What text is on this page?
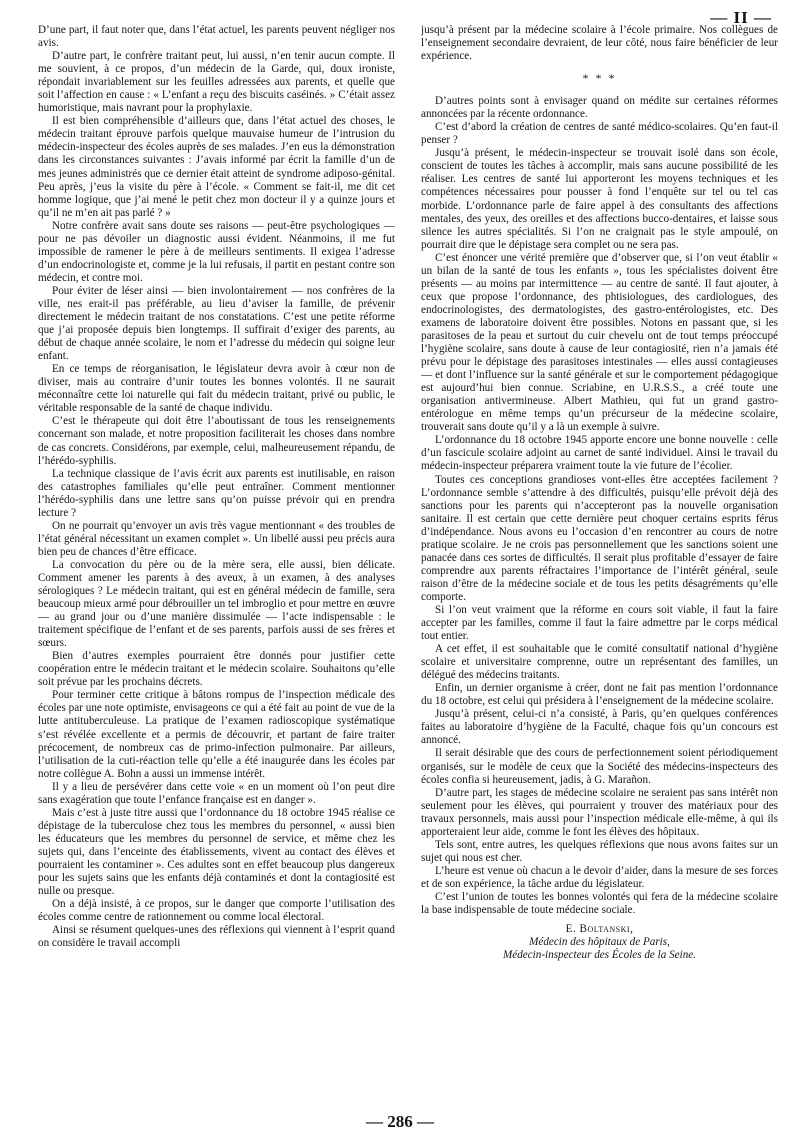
— II —

D’une part, il faut noter que, dans l’état actuel, les parents peuvent négliger nos avis.

D’autre part, le confrère traitant peut, lui aussi, n’en tenir aucun compte. Il me souvient, à ce propos, d’un médecin de la Garde, qui, doux ironiste, répondait invariablement sur les feuilles adressées aux parents, et quelle que soit l’affection en cause : « L’enfant a reçu des biscuits caséinés. » C’était assez humoristique, mais navrant pour la prophylaxie.

Il est bien compréhensible d’ailleurs que, dans l’état actuel des choses, le médecin traitant éprouve parfois quelque mauvaise humeur de l’intrusion du médecin-inspecteur des écoles auprès de ses malades. J’en eus la démonstration dans les circonstances suivantes : J’avais informé par écrit la famille d’un de mes jeunes administrés que ce dernier était atteint de syndrome adiposo-génital. Peu après, j’eus la visite du père à l’école. « Comment se fait-il, me dit cet homme logique, que j’ai mené le petit chez mon docteur il y a quinze jours et qu’il ne m’en ait pas parlé ? »

Notre confrère avait sans doute ses raisons — peut-être psychologiques — pour ne pas dévoiler un diagnostic aussi évident. Néanmoins, il me fut impossible de ramener le père à de meilleurs sentiments. Il exigea l’adresse d’un endocrinologiste et, comme je la lui refusais, il partit en pestant contre son médecin, et contre moi.

Pour éviter de léser ainsi — bien involontairement — nos confrères de la ville, nes erait-il pas préférable, au lieu d’aviser la famille, de prévenir directement le médecin traitant de nos constatations. C’est une petite réforme que j’ai proposée depuis bien longtemps. Il suffirait d’exiger des parents, au début de chaque année scolaire, le nom et l’adresse du médecin qui soigne leur enfant.

En ce temps de réorganisation, le législateur devra avoir à cœur non de diviser, mais au contraire d’unir toutes les bonnes volontés. Il ne saurait méconnaître cette loi naturelle qui fait du médecin traitant, privé ou public, le véritable responsable de la santé de chaque individu.

C’est le thérapeute qui doit être l’aboutissant de tous les renseignements concernant son malade, et notre proposition faciliterait les choses dans nombre de cas concrets. Considérons, par exemple, celui, malheureusement répandu, de l’hérédo-syphilis.

La technique classique de l’avis écrit aux parents est inutilisable, en raison des catastrophes familiales qu’elle peut entraîner. Comment mentionner l’hérédo-syphilis dans une lettre sans qu’on puisse prévoir qui en prendra lecture ?

On ne pourrait qu’envoyer un avis très vague mentionnant « des troubles de l’état général nécessitant un examen complet ». Un libellé aussi peu précis aura bien peu de chances d’être efficace.

La convocation du père ou de la mère sera, elle aussi, bien délicate. Comment amener les parents à des aveux, à un examen, à des analyses sérologiques ? Le médecin traitant, qui est en général médecin de famille, sera beaucoup mieux armé pour débrouiller un tel imbroglio et pour mettre en œuvre — au grand jour ou d’une manière dissimulée — l’acte indispensable : le traitement spécifique de l’enfant et de ses parents, parfois aussi de ses frères et sœurs.

Bien d’autres exemples pourraient être donnés pour justifier cette coopération entre le médecin traitant et le médecin scolaire. Souhaitons qu’elle soit prévue par les prochains décrets.

Pour terminer cette critique à bâtons rompus de l’inspection médicale des écoles par une note optimiste, envisageons ce qui a été fait au point de vue de la lutte antituberculeuse. La pratique de l’examen radioscopique systématique s’est révélée excellente et a permis de découvrir, et partant de faire traiter précocement, de nombreux cas de primo-infection pulmonaire. Par ailleurs, l’utilisation de la cuti-réaction telle qu’elle a été inaugurée dans les écoles par notre collègue A. Bohn a aussi un immense intérêt.

Il y a lieu de persévérer dans cette voie « en un moment où l’on peut dire sans exagération que toute l’enfance française est en danger ».

Mais c’est à juste titre aussi que l’ordonnance du 18 octobre 1945 réalise ce dépistage de la tuberculose chez tous les membres du personnel, « aussi bien les éducateurs que les membres du personnel de service, et même chez les sujets qui, dans l’enceinte des établissements, vivent au contact des élèves et pourraient les contaminer ». Ces adultes sont en effet beaucoup plus dangereux pour les sujets sains que les enfants déjà contaminés et dont la contagiosité est nulle ou presque.

On a déjà insisté, à ce propos, sur le danger que comporte l’utilisation des écoles comme centre de rationnement ou comme local électoral.

Ainsi se résument quelques-unes des réflexions qui viennent à l’esprit quand on considère le travail accompli

jusqu’à présent par la médecine scolaire à l’école primaire. Nos collègues de l’enseignement secondaire devraient, de leur côté, nous faire bénéficier de leur expérience.

* * *

D’autres points sont à envisager quand on médite sur certaines réformes annoncées par la récente ordonnance.

C’est d’abord la création de centres de santé médico-scolaires. Qu’en faut-il penser ?

Jusqu’à présent, le médecin-inspecteur se trouvait isolé dans son école, conscient de toutes les tâches à accomplir, mais sans aucune possibilité de les réaliser. Les centres de santé lui apporteront les moyens techniques et les compétences nécessaires pour pousser à fond l’enquête sur tel ou tel cas morbide. L’ordonnance parle de faire appel à des consultants des affections mentales, des yeux, des oreilles et des affections bucco-dentaires, et laisse sous silence les autres spécialités. Si l’on ne craignait pas le style ampoulé, on pourrait dire que le dépistage sera complet ou ne sera pas.

C’est énoncer une vérité première que d’observer que, si l’on veut établir « un bilan de la santé de tous les enfants », tous les spécialistes doivent être présents — au moins par intermittence — au centre de santé. Il faut ajouter, à ceux que propose l’ordonnance, des phtisiologues, des cardiologues, des endocrinologistes, des dermatologistes, des gastro-entérologistes, etc. Des examens de laboratoire doivent être possibles. Notons en passant que, si les parasitoses de la peau et surtout du cuir chevelu ont de tout temps préoccupé l’hygiène scolaire, sans doute à cause de leur contagiosité, rien n’a jamais été prévu pour le dépistage des parasitoses intestinales — elles aussi contagieuses — et dont l’influence sur la santé générale et sur le comportement pédagogique est aujourd’hui bien connue. Scriabine, en U.R.S.S., a créé toute une organisation antivermineuse. Albert Mathieu, qui fut un grand gastro-entérologue en même temps qu’un précurseur de la médecine scolaire, trouverait sans doute qu’il y a là un exemple à suivre.

L’ordonnance du 18 octobre 1945 apporte encore une bonne nouvelle : celle d’un fascicule scolaire adjoint au carnet de santé individuel. Ainsi le travail du médecin-inspecteur préparera vraiment toute la vie future de l’écolier.

Toutes ces conceptions grandioses vont-elles être acceptées facilement ? L’ordonnance semble s’attendre à des difficultés, puisqu’elle prévoit déjà des sanctions pour les parents qui n’accepteront pas la nouvelle organisation sanitaire. Il est certain que cette dernière peut choquer certains esprits férus d’indépendance. Nous avons eu l’occasion d’en rencontrer au cours de notre pratique scolaire. Je ne crois pas personnellement que les sanctions soient une panacée dans ces sortes de difficultés. Il serait plus profitable d’essayer de faire comprendre aux parents réfractaires l’importance de l’intérêt général, seule raison d’être de la médecine sociale et de tous les petits désagréments qu’elle comporte.

Si l’on veut vraiment que la réforme en cours soit viable, il faut la faire accepter par les familles, comme il faut la faire admettre par le corps médical tout entier.

A cet effet, il est souhaitable que le comité consultatif national d’hygiène scolaire et universitaire comprenne, outre un représentant des familles, un délégué des médecins traitants.

Enfin, un dernier organisme à créer, dont ne fait pas mention l’ordonnance du 18 octobre, est celui qui présidera à l’enseignement de la médecine scolaire.

Jusqu’à présent, celui-ci n’a consisté, à Paris, qu’en quelques conférences faites au laboratoire d’hygiène de la Faculté, chaque fois qu’un concours est annoncé.

Il serait désirable que des cours de perfectionnement soient périodiquement organisés, sur le modèle de ceux que la Société des médecins-inspecteurs des écoles confia si heureusement, jadis, à G. Marañon.

D’autre part, les stages de médecine scolaire ne seraient pas sans intérêt non seulement pour les élèves, qui pourraient y trouver des matériaux pour des travaux personnels, mais aussi pour l’inspection médicale elle-même, à qui ils apporteraient leur aide, comme le font les élèves des hôpitaux.

Tels sont, entre autres, les quelques réflexions que nous avons faites sur un sujet qui nous est cher.

L’heure est venue où chacun a le devoir d’aider, dans la mesure de ses forces et de son expérience, la tâche ardue du législateur.

C’est l’union de toutes les bonnes volontés qui fera de la médecine scolaire la base indispensable de toute médecine sociale.

E. Boltanski,
Médecin des hôpitaux de Paris,
Médecin-inspecteur des Écoles de la Seine.
— 286 —
